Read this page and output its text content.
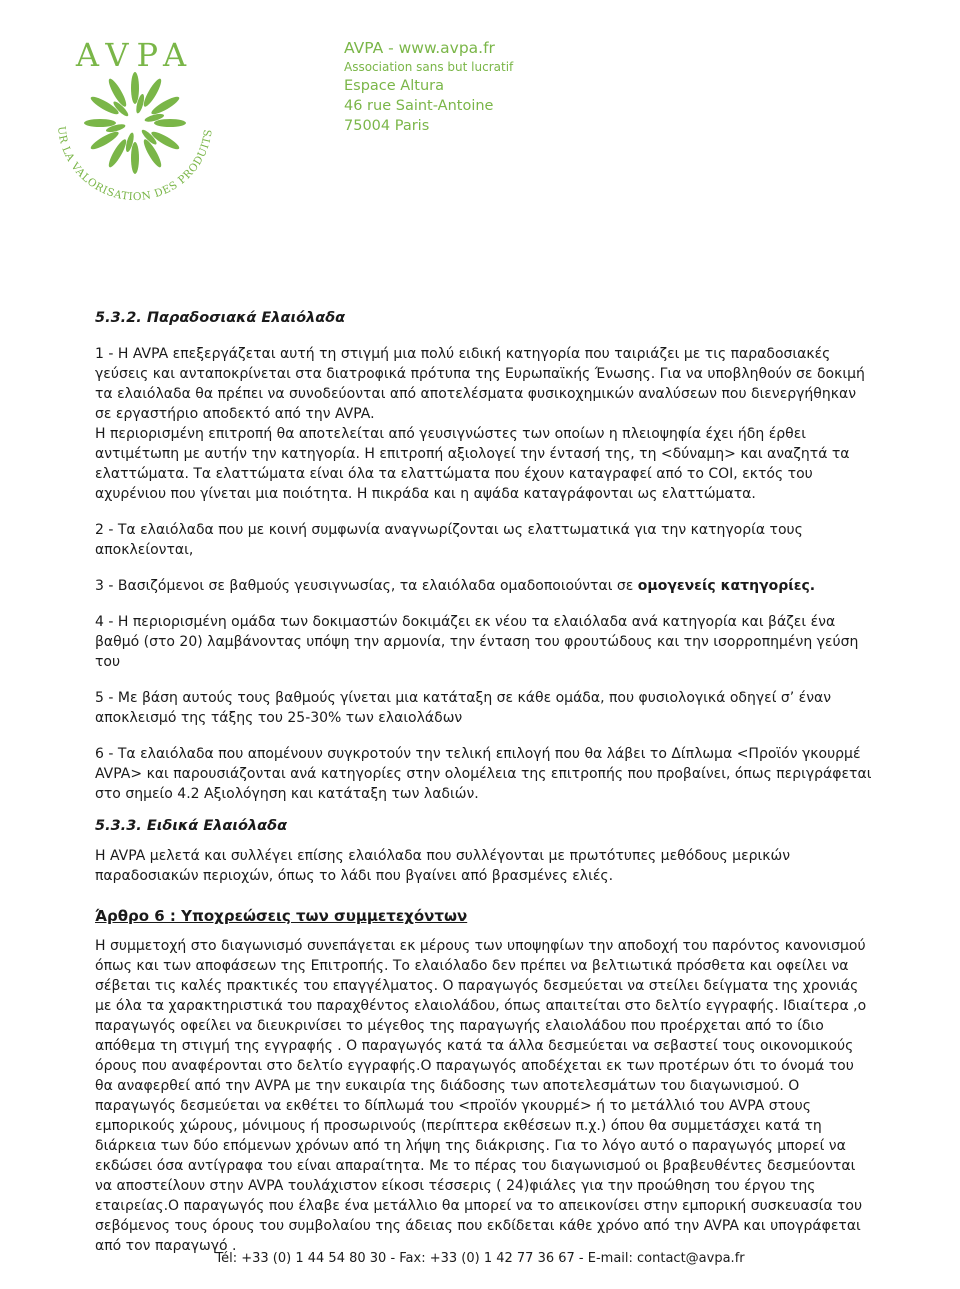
AVPA
UR LA VALORISATION DES PRODUITS
AVPA - www.avpa.fr
Association sans but lucratif
Espace Altura
46 rue Saint-Antoine
75004 Paris

5.3.2. Παραδοσιακά Ελαιόλαδα

1 - Η AVPA επεξεργάζεται αυτή τη στιγμή μια πολύ ειδική κατηγορία που ταιριάζει με τις παραδοσιακές γεύσεις και ανταποκρίνεται στα διατροφικά πρότυπα της Ευρωπαϊκής Ένωσης. Για να υποβληθούν σε δοκιμή τα ελαιόλαδα θα πρέπει να συνοδεύονται από αποτελέσματα φυσικοχημικών αναλύσεων που διενεργήθηκαν σε εργαστήριο αποδεκτό από την AVPA.

Η περιορισμένη επιτροπή θα αποτελείται από γευσιγνώστες των οποίων η πλειοψηφία έχει ήδη έρθει αντιμέτωπη με αυτήν την κατηγορία. Η επιτροπή αξιολογεί την έντασή της, τη <δύναμη> και αναζητά τα ελαττώματα. Τα ελαττώματα είναι όλα τα ελαττώματα που έχουν καταγραφεί από το COI, εκτός του αχυρένιου που γίνεται μια ποιότητα. Η πικράδα και η αψάδα καταγράφονται ως ελαττώματα.

2 - Τα ελαιόλαδα που με κοινή συμφωνία αναγνωρίζονται ως ελαττωματικά για την κατηγορία τους αποκλείονται,

3 - Βασιζόμενοι σε βαθμούς γευσιγνωσίας, τα ελαιόλαδα ομαδοποιούνται σε ομογενείς κατηγορίες.

4 - Η περιορισμένη ομάδα των δοκιμαστών δοκιμάζει εκ νέου τα ελαιόλαδα ανά κατηγορία και βάζει ένα βαθμό (στο 20) λαμβάνοντας υπόψη την αρμονία, την ένταση του φρουτώδους και την ισορροπημένη γεύση του

5 - Με βάση αυτούς τους βαθμούς γίνεται μια κατάταξη σε κάθε ομάδα, που φυσιολογικά οδηγεί σ’ έναν αποκλεισμό της τάξης του 25-30% των ελαιολάδων

6 - Τα ελαιόλαδα που απομένουν συγκροτούν την τελική επιλογή που θα λάβει το Δίπλωμα <Προϊόν γκουρμέ AVPA> και παρουσιάζονται ανά κατηγορίες στην ολομέλεια της επιτροπής που προβαίνει, όπως περιγράφεται στο σημείο 4.2 Αξιολόγηση και κατάταξη των λαδιών.

5.3.3. Ειδικά Ελαιόλαδα

Η AVPA μελετά και συλλέγει επίσης ελαιόλαδα που συλλέγονται με πρωτότυπες μεθόδους μερικών παραδοσιακών περιοχών, όπως το λάδι που βγαίνει από βρασμένες ελιές.

Άρθρο 6 : Υποχρεώσεις των συμμετεχόντων

Η συμμετοχή στο διαγωνισμό συνεπάγεται εκ μέρους των υποψηφίων την αποδοχή του παρόντος κανονισμού όπως και των αποφάσεων της Επιτροπής. Το ελαιόλαδο δεν πρέπει να βελτιωτικά πρόσθετα και οφείλει να σέβεται τις καλές πρακτικές του επαγγέλματος. Ο παραγωγός δεσμεύεται να στείλει δείγματα της χρονιάς με όλα τα χαρακτηριστικά του παραχθέντος ελαιολάδου, όπως απαιτείται στο δελτίο εγγραφής. Ιδιαίτερα ,ο παραγωγός οφείλει να διευκρινίσει το μέγεθος της παραγωγής ελαιολάδου που προέρχεται από το ίδιο απόθεμα τη στιγμή της εγγραφής . Ο παραγωγός κατά τα άλλα δεσμεύεται να σεβαστεί τους οικονομικούς όρους που αναφέρονται στο δελτίο εγγραφής.Ο παραγωγός αποδέχεται εκ των προτέρων ότι το όνομά του θα αναφερθεί από την AVPA με την ευκαιρία της διάδοσης των αποτελεσμάτων του διαγωνισμού. Ο παραγωγός δεσμεύεται να εκθέτει το δίπλωμά του <προϊόν γκουρμέ> ή το μετάλλιό του AVPA στους εμπορικούς χώρους, μόνιμους ή προσωρινούς (περίπτερα εκθέσεων π.χ.) όπου θα συμμετάσχει κατά τη διάρκεια των δύο επόμενων χρόνων από τη λήψη της διάκρισης. Για το λόγο αυτό ο παραγωγός μπορεί να εκδώσει όσα αντίγραφα του είναι απαραίτητα. Με το πέρας του διαγωνισμού οι βραβευθέντες δεσμεύονται να αποστείλουν στην AVPA τουλάχιστον είκοσι τέσσερις ( 24)φιάλες για την προώθηση του έργου της εταιρείας.Ο παραγωγός που έλαβε ένα μετάλλιο θα μπορεί να το απεικονίσει στην εμπορική συσκευασία του σεβόμενος τους όρους του συμβολαίου της άδειας που εκδίδεται κάθε χρόνο από την AVPA και υπογράφεται από τον παραγωγό .

Tél: +33 (0) 1 44 54 80 30 - Fax: +33 (0) 1 42 77 36 67 - E-mail: contact@avpa.fr
